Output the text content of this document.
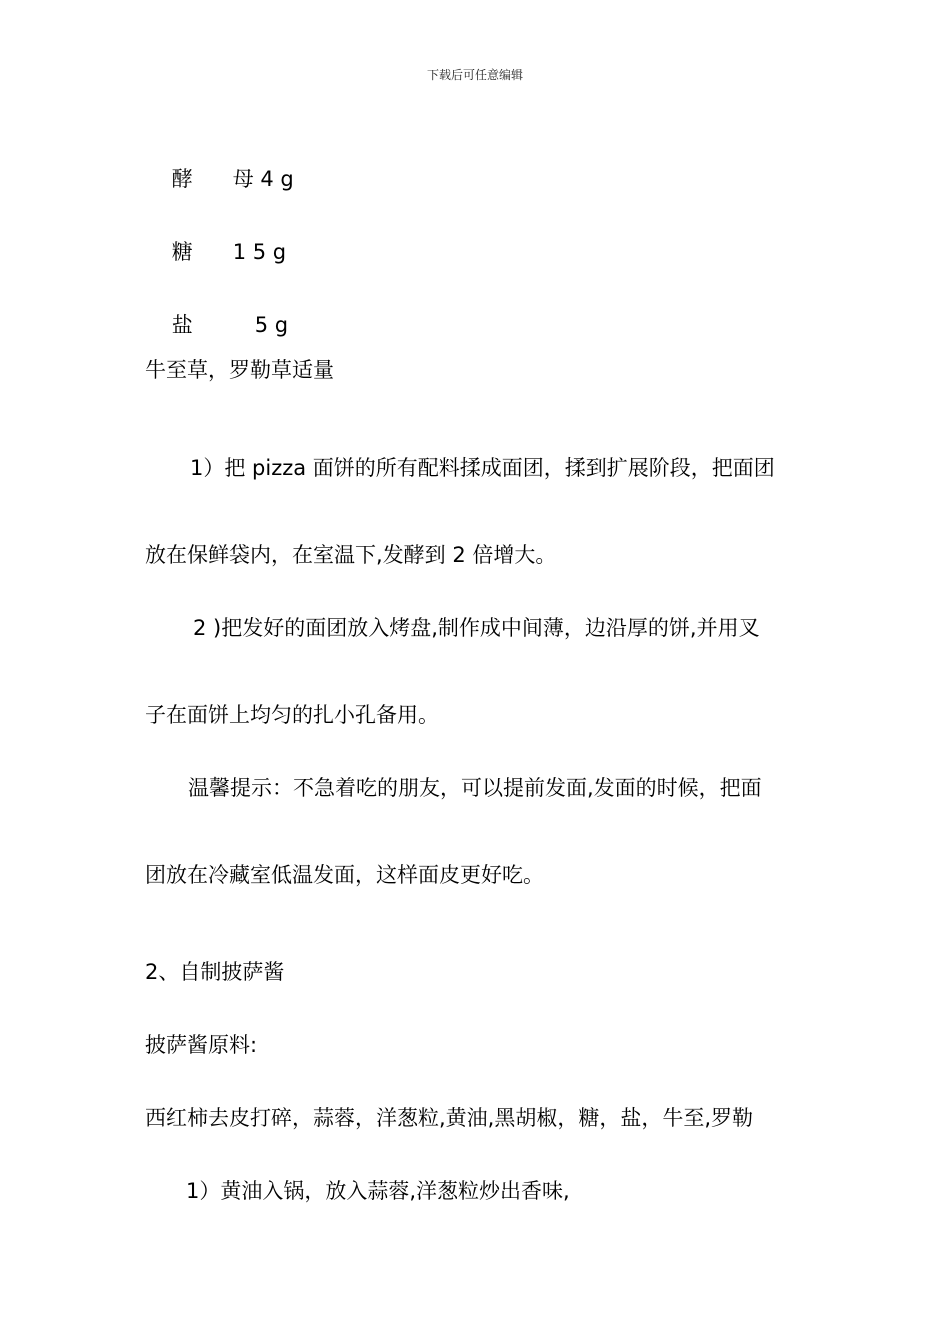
下载后可任意编辑

酵 母 4 g

糖 1 5 g

盐	5 g

牛至草，罗勒草适量
1）把 pizza 面饼的所有配料揉成面团，揉到扩展阶段，把面团
放在保鲜袋内，在室温下,发酵到 2 倍增大。
2 )把发好的面团放入烤盘,制作成中间薄，边沿厚的饼,并用叉
子在面饼上均匀的扎小孔备用。
温馨提示：不急着吃的朋友，可以提前发面,发面的时候，把面
团放在冷藏室低温发面，这样面皮更好吃。
2、自制披萨酱
披萨酱原料:
西红柿去皮打碎，蒜蓉，洋葱粒,黄油,黑胡椒，糖，盐，牛至,罗勒
1）黄油入锅，放入蒜蓉,洋葱粒炒出香味,
